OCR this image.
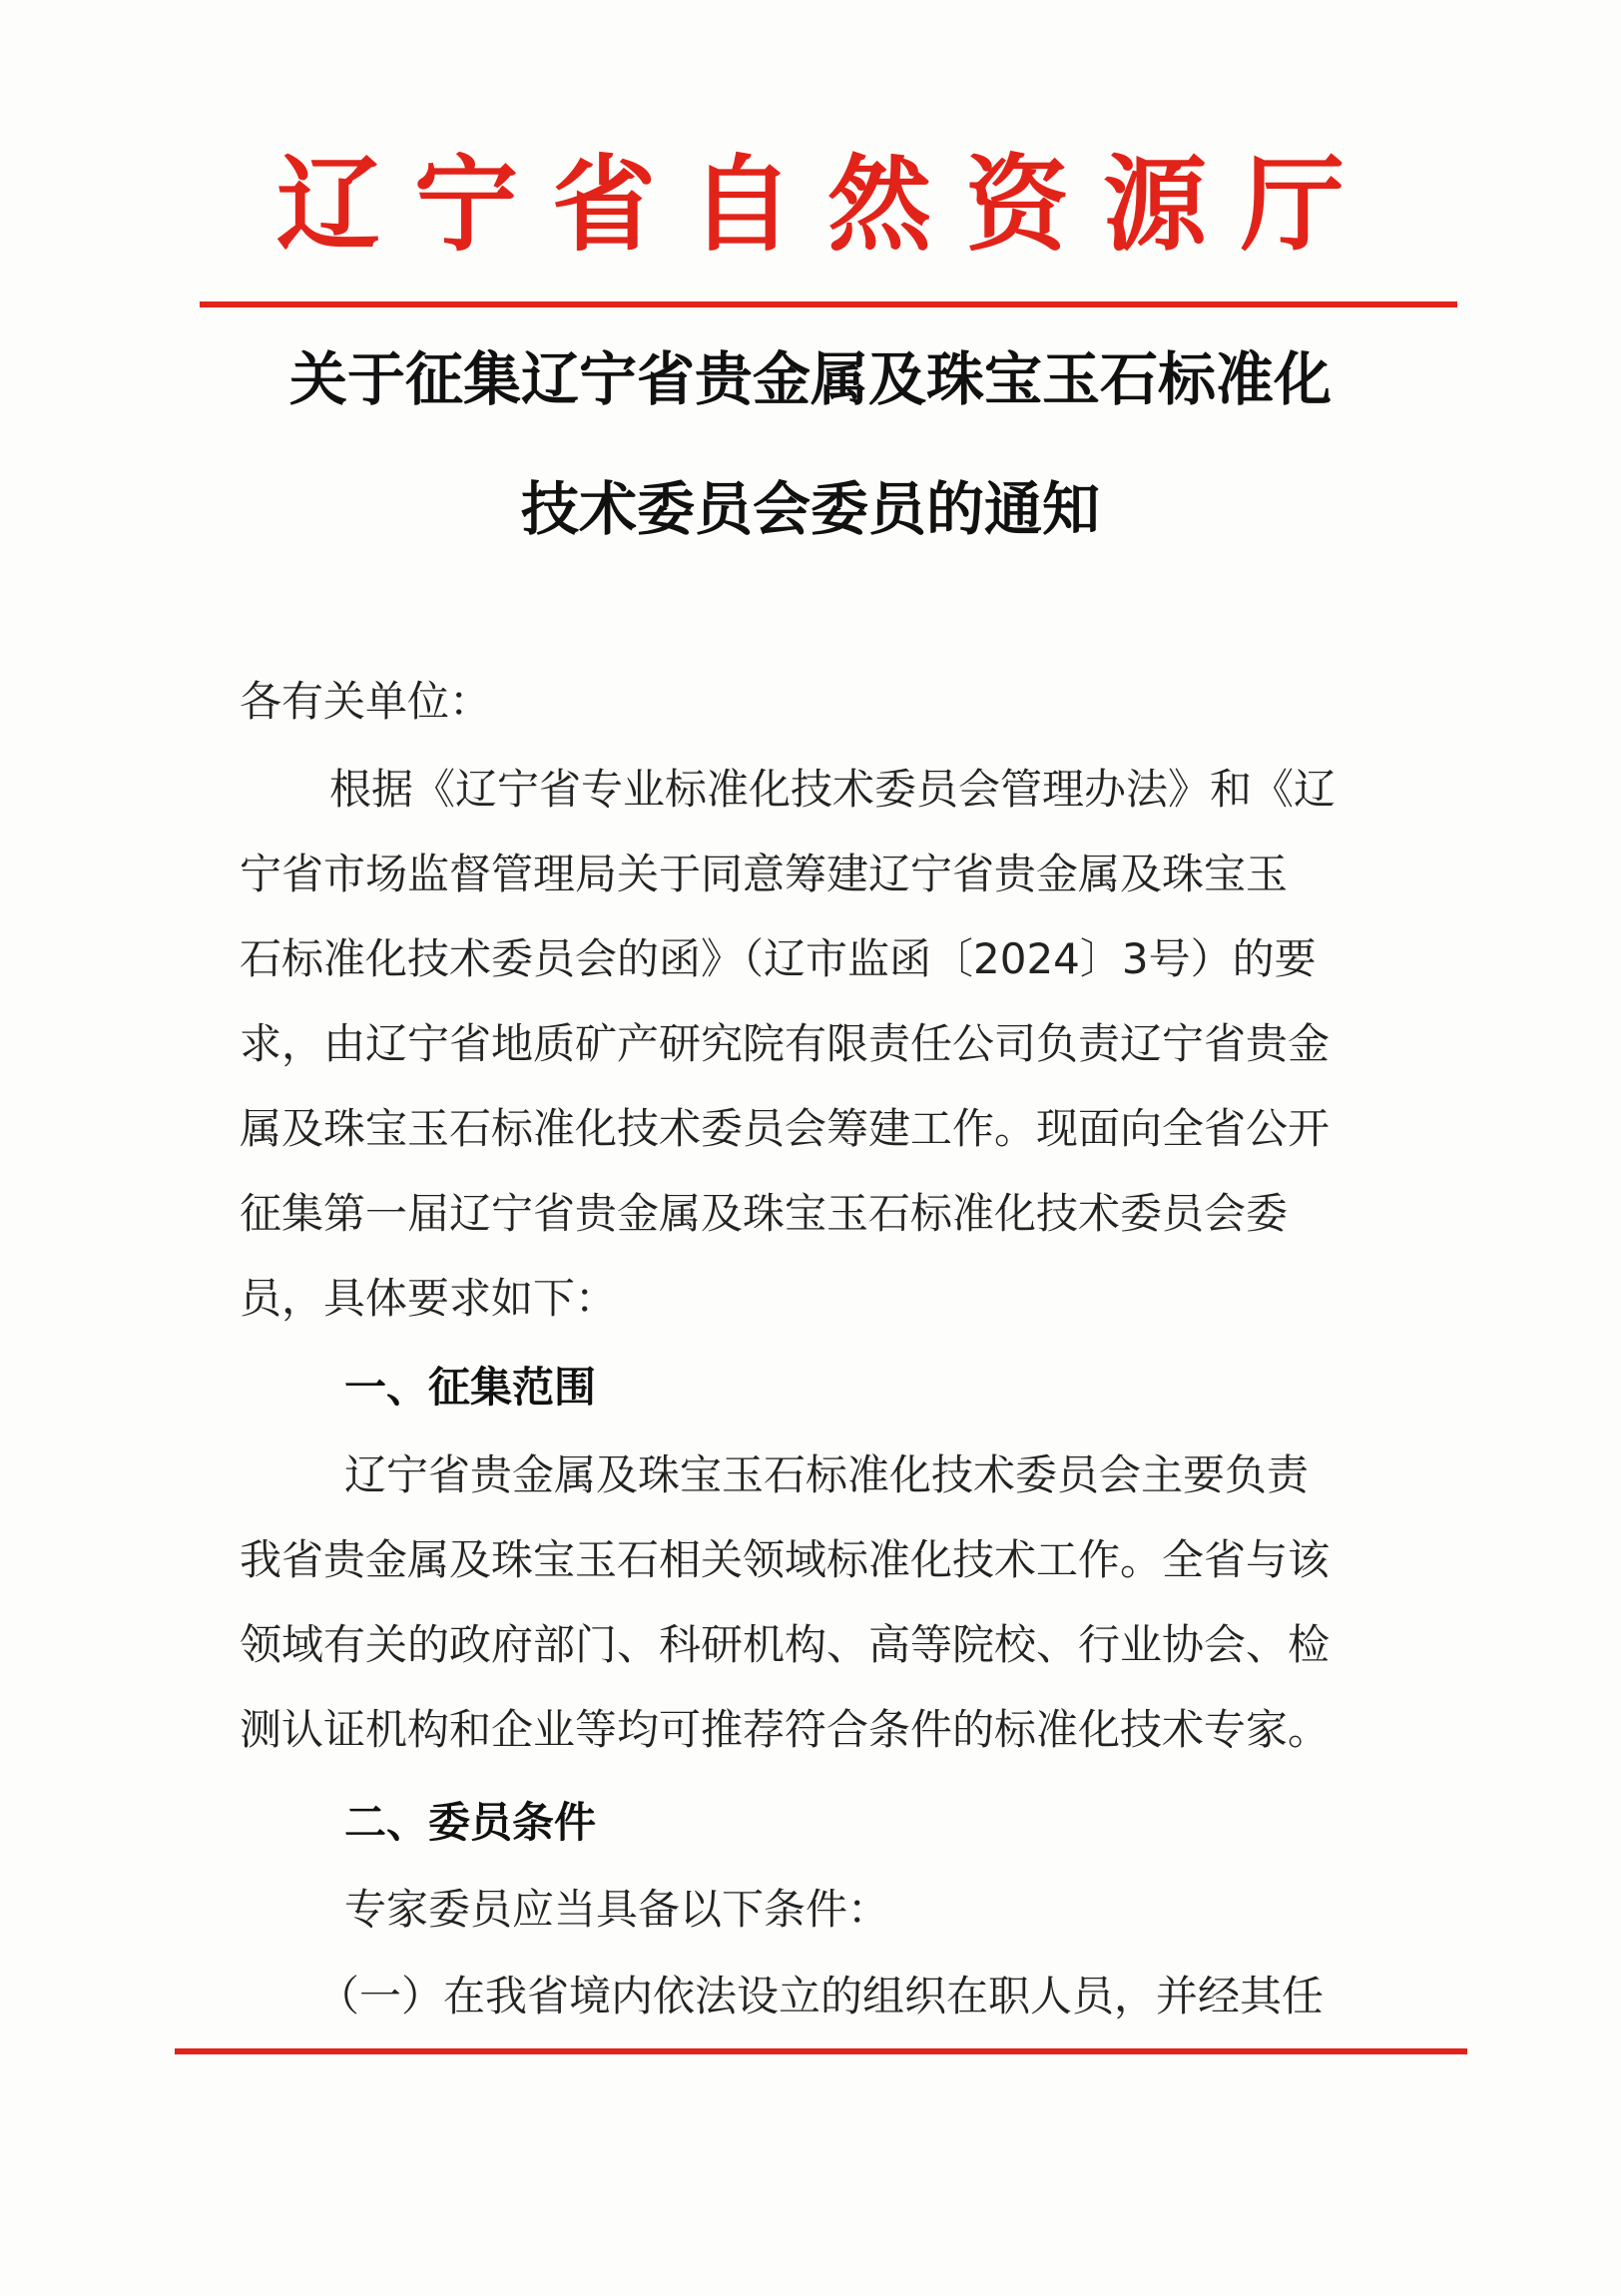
辽宁省自然资源厅
关于征集辽宁省贵金属及珠宝玉石标准化
技术委员会委员的通知
各有关单位：
根据《辽宁省专业标准化技术委员会管理办法》和《辽
宁省市场监督管理局关于同意筹建辽宁省贵金属及珠宝玉
石标准化技术委员会的函》（辽市监函〔2024〕3号）的要
求，由辽宁省地质矿产研究院有限责任公司负责辽宁省贵金
属及珠宝玉石标准化技术委员会筹建工作。现面向全省公开
征集第一届辽宁省贵金属及珠宝玉石标准化技术委员会委
员，具体要求如下：
一、征集范围
辽宁省贵金属及珠宝玉石标准化技术委员会主要负责
我省贵金属及珠宝玉石相关领域标准化技术工作。全省与该
领域有关的政府部门、科研机构、高等院校、行业协会、检
测认证机构和企业等均可推荐符合条件的标准化技术专家。
二、委员条件
专家委员应当具备以下条件：
（一）在我省境内依法设立的组织在职人员，并经其任
